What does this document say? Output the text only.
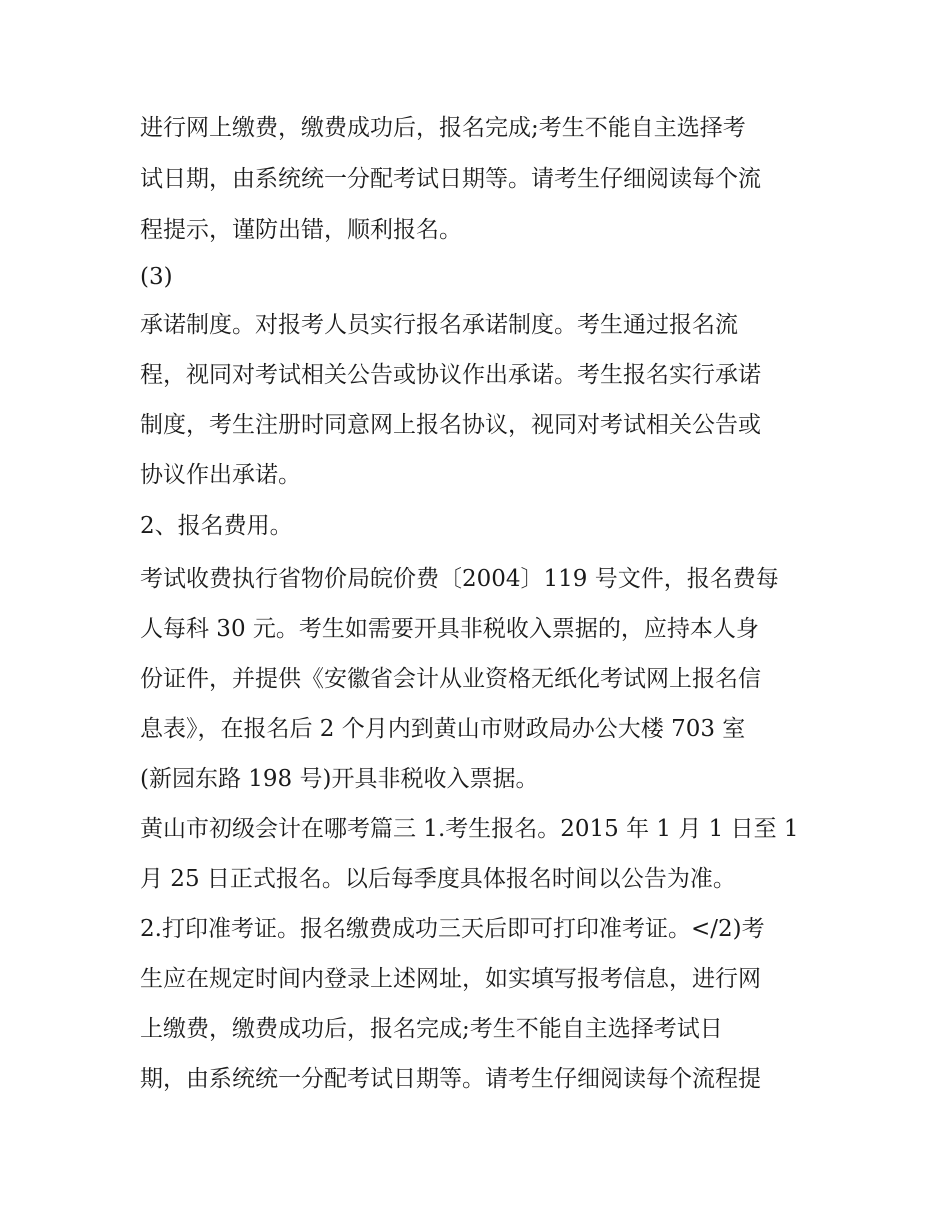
进行网上缴费，缴费成功后，报名完成;考生不能自主选择考
试日期，由系统统一分配考试日期等。请考生仔细阅读每个流
程提示，谨防出错，顺利报名。
(3)
承诺制度。对报考人员实行报名承诺制度。考生通过报名流
程，视同对考试相关公告或协议作出承诺。考生报名实行承诺
制度，考生注册时同意网上报名协议，视同对考试相关公告或
协议作出承诺。
2、报名费用。
考试收费执行省物价局皖价费〔2004〕119 号文件，报名费每
人每科 30 元。考生如需要开具非税收入票据的，应持本人身
份证件，并提供《安徽省会计从业资格无纸化考试网上报名信
息表》，在报名后 2 个月内到黄山市财政局办公大楼 703 室
(新园东路 198 号)开具非税收入票据。
黄山市初级会计在哪考篇三 1.考生报名。2015 年 1 月 1 日至 1
月 25 日正式报名。以后每季度具体报名时间以公告为准。
2.打印准考证。报名缴费成功三天后即可打印准考证。</2)考
生应在规定时间内登录上述网址，如实填写报考信息，进行网
上缴费，缴费成功后，报名完成;考生不能自主选择考试日
期，由系统统一分配考试日期等。请考生仔细阅读每个流程提
